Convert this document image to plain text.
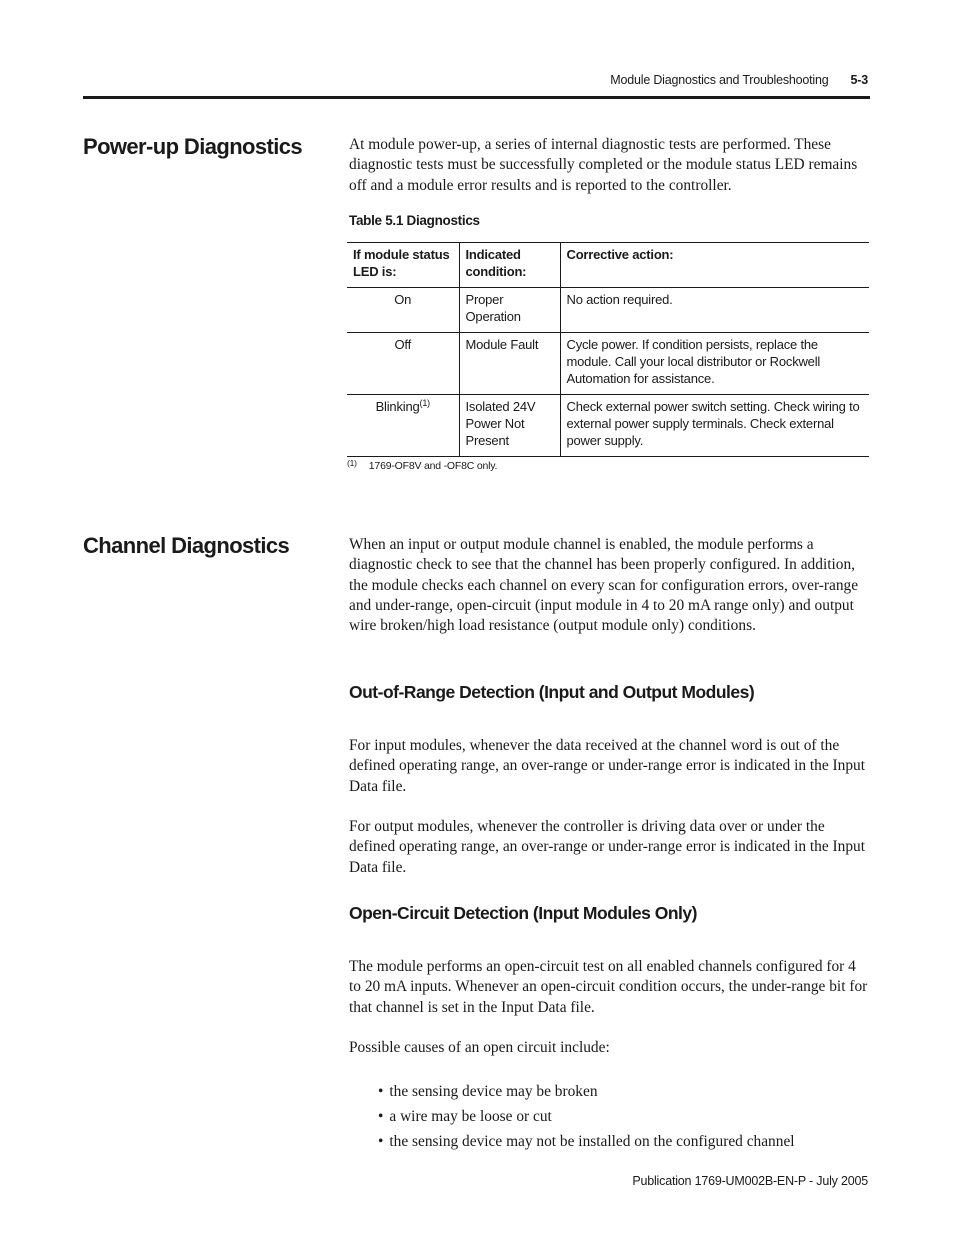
Module Diagnostics and Troubleshooting 5-3
Power-up Diagnostics	At module power-up, a series of internal diagnostic tests are performed. These diagnostic tests must be successfully completed or the module status LED remains off and a module error results and is reported to the controller.

Table 5.1 Diagnostics
If module status LED is:	Indicated condition:	Corrective action:
On	Proper Operation	No action required.
Off	Module Fault	Cycle power. If condition persists, replace the module. Call your local distributor or Rockwell Automation for assistance.
Blinking$^{(1)}$	Isolated 24V Power Not Present	Check external power switch setting. Check wiring to external power supply terminals. Check external power supply.
$^{(1)}$ 1769-OF8V and -OF8C only.
Channel Diagnostics	When an input or output module channel is enabled, the module performs a diagnostic check to see that the channel has been properly configured. In addition, the module checks each channel on every scan for configuration errors, over-range and under-range, open-circuit (input module in 4 to 20 mA range only) and output wire broken/high load resistance (output module only) conditions.

Out-of-Range Detection (Input and Output Modules)

For input modules, whenever the data received at the channel word is out of the defined operating range, an over-range or under-range error is indicated in the Input Data file.

For output modules, whenever the controller is driving data over or under the defined operating range, an over-range or under-range error is indicated in the Input Data file.

Open-Circuit Detection (Input Modules Only)

The module performs an open-circuit test on all enabled channels configured for 4 to 20 mA inputs. Whenever an open-circuit condition occurs, the under-range bit for that channel is set in the Input Data file.

Possible causes of an open circuit include:

• the sensing device may be broken
• a wire may be loose or cut
• the sensing device may not be installed on the configured channel
Publication 1769-UM002B-EN-P - July 2005
